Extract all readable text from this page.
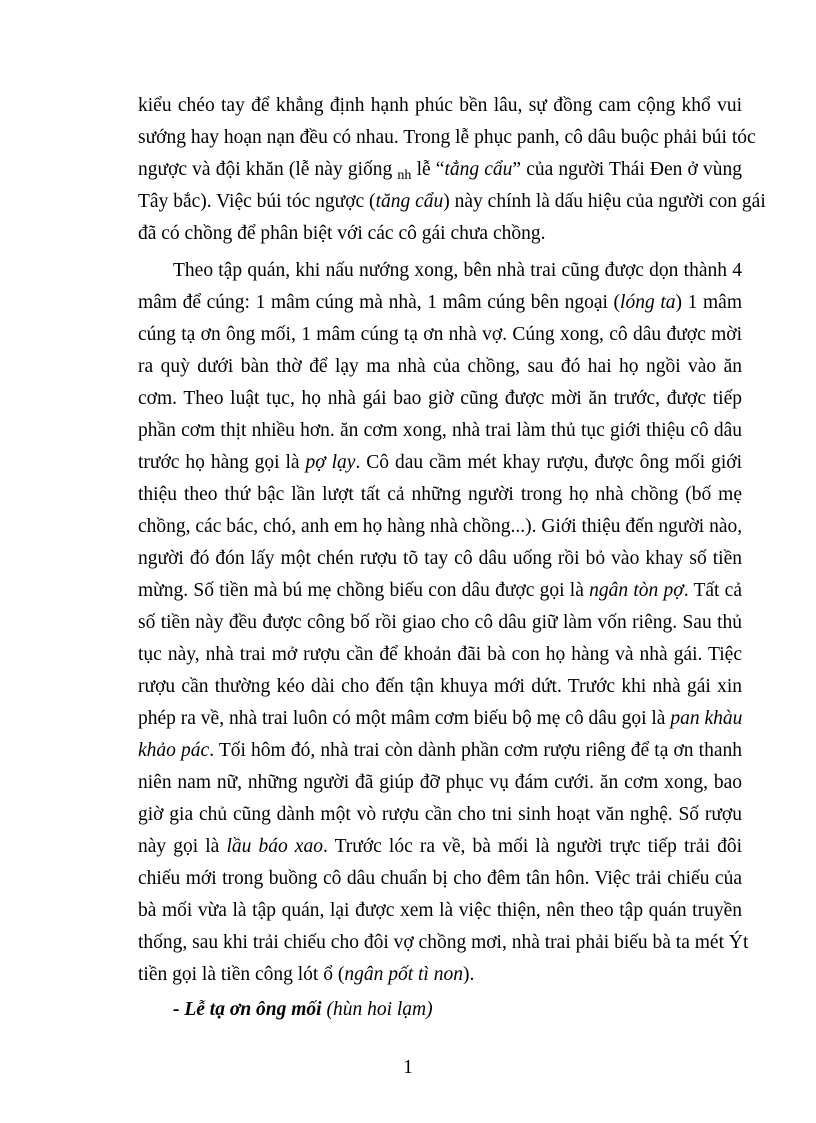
kiểu chéo tay để khẳng định hạnh phúc bền lâu, sự đồng cam cộng khổ vui
sướng hay hoạn nạn đều có nhau. Trong lễ phục panh, cô dâu buộc phải búi tóc
ngược và đội khăn (lễ này giống $_{nh}$ lễ “tẳng cẩu” của người Thái Đen ở vùng
Tây bắc). Việc búi tóc ngược (tăng cẩu) này chính là dấu hiệu của người con gái
đã có chồng để phân biệt với các cô gái chưa chồng.
Theo tập quán, khi nấu nướng xong, bên nhà trai cũng được dọn thành 4
mâm để cúng: 1 mâm cúng mà nhà, 1 mâm cúng bên ngoại (lóng ta) 1 mâm
cúng tạ ơn ông mối, 1 mâm cúng tạ ơn nhà vợ. Cúng xong, cô dâu được mời
ra quỳ dưới bàn thờ để lạy ma nhà của chồng, sau đó hai họ ngồi vào ăn
cơm. Theo luật tục, họ nhà gái bao giờ cũng được mời ăn trước, được tiếp
phần cơm thịt nhiều hơn. ăn cơm xong, nhà trai làm thủ tục giới thiệu cô dâu
trước họ hàng gọi là pợ lạy. Cô dau cầm mét khay rượu, được ông mối giới
thiệu theo thứ bậc lần lượt tất cả những người trong họ nhà chồng (bố mẹ
chồng, các bác, chó, anh em họ hàng nhà chồng...). Giới thiệu đến người nào,
người đó đón lấy một chén rượu tõ tay cô dâu uống rồi bỏ vào khay số tiền
mừng. Số tiền mà bú mẹ chồng biếu con dâu được gọi là ngân tòn pợ. Tất cả
số tiền này đều được công bố rồi giao cho cô dâu giữ làm vốn riêng. Sau thủ
tục này, nhà trai mở rượu cần để khoản đãi bà con họ hàng và nhà gái. Tiệc
rượu cần thường kéo dài cho đến tận khuya mới dứt. Trước khi nhà gái xin
phép ra về, nhà trai luôn có một mâm cơm biếu bộ mẹ cô dâu gọi là pan khàu
khảo pác. Tối hôm đó, nhà trai còn dành phần cơm rượu riêng để tạ ơn thanh
niên nam nữ, những người đã giúp đỡ phục vụ đám cưới. ăn cơm xong, bao
giờ gia chủ cũng dành một vò rượu cần cho tni sinh hoạt văn nghệ. Số rượu
này gọi là lầu báo xao. Trước lóc ra về, bà mối là người trực tiếp trải đôi
chiếu mới trong buồng cô dâu chuẩn bị cho đêm tân hôn. Việc trải chiếu của
bà mối vừa là tập quán, lại được xem là việc thiện, nên theo tập quán truyền
thống, sau khi trải chiếu cho đôi vợ chồng mơi, nhà trai phải biếu bà ta mét Ýt
tiền gọi là tiền công lót ổ (ngân pốt tì non).
- Lễ tạ ơn ông mối (hùn hoi lạm)
1
